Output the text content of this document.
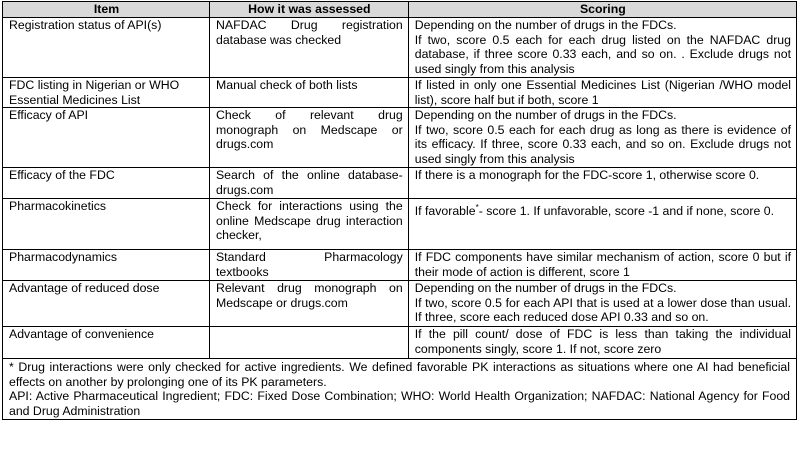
Item	How it was assessed	Scoring
Registration status of API(s)	NAFDAC Drug registration database was checked	Depending on the number of drugs in the FDCs.
If two, score 0.5 each for each drug listed on the NAFDAC drug database, if three score 0.33 each, and so on. . Exclude drugs not used singly from this analysis

FDC listing in Nigerian or WHO Essential Medicines List	Manual check of both lists	If listed in only one Essential Medicines List (Nigerian /WHO model list), score half but if both, score 1
Efficacy of API	Check of relevant drug monograph on Medscape or drugs.com	Depending on the number of drugs in the FDCs.
If two, score 0.5 each for each drug as long as there is evidence of its efficacy. If three, score 0.33 each, and so on. Exclude drugs not used singly from this analysis

Efficacy of the FDC	Search of the online database- drugs.com	If there is a monograph for the FDC-score 1, otherwise score 0.
Pharmacokinetics	Check for interactions using the online Medscape drug interaction checker,	If favorable*- score 1. If unfavorable, score -1 and if none, score 0.
Pharmacodynamics	Standard Pharmacology textbooks	If FDC components have similar mechanism of action, score 0 but if their mode of action is different, score 1
Advantage of reduced dose	Relevant drug monograph on Medscape or drugs.com	Depending on the number of drugs in the FDCs.
If two, score 0.5 for each API that is used at a lower dose than usual. If three, score each reduced dose API 0.33 and so on.

Advantage of convenience		If the pill count/ dose of FDC is less than taking the individual components singly, score 1. If not, score zero

* Drug interactions were only checked for active ingredients. We defined favorable PK interactions as situations where one AI had beneficial effects on another by prolonging one of its PK parameters.
API: Active Pharmaceutical Ingredient; FDC: Fixed Dose Combination; WHO: World Health Organization; NAFDAC: National Agency for Food and Drug Administration		
